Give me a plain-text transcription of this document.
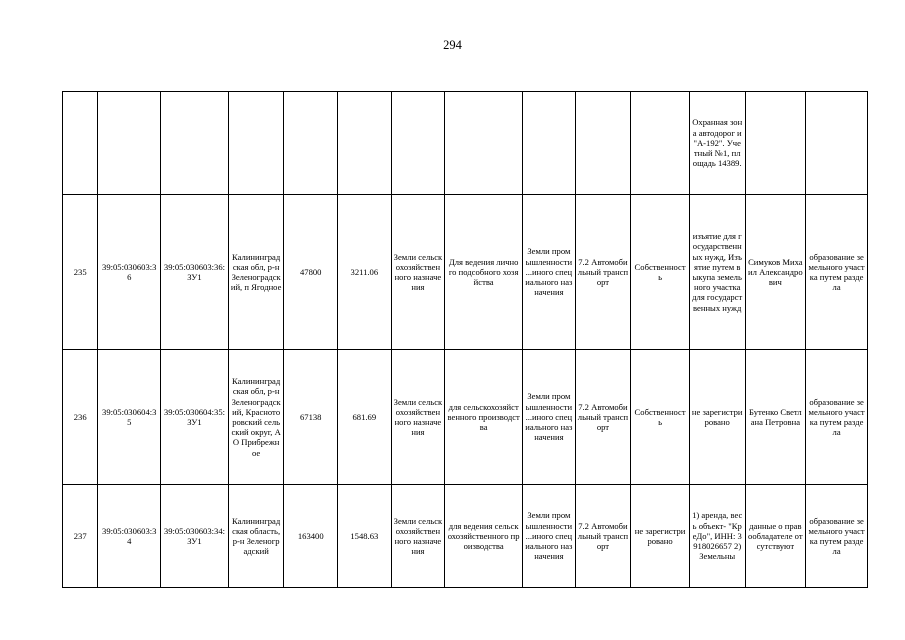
294
											Охранная зона автодорог и "А-192". Учетный №1, площадь 14389.		
235	39:05:030603:36	39:05:030603:36:ЗУ1	Калининградская обл, р-н Зеленоградский, п Ягодное	47800	3211.06	Земли сельскохозяйственного назначения	Для ведения личного подсобного хозяйства	Земли промышленности ...иного специального назначения	7.2 Автомобильный транспорт	Собственность	изъятие для государственных нужд, Изъятие путем выкупа земельного участка для государственных нужд	Симуков Михаил Александрович	образование земельного участка путем раздела
236	39:05:030604:35	39:05:030604:35:ЗУ1	Калининградская обл, р-н Зеленоградский, Краснотoровский сельский округ, АО Прибрежное	67138	681.69	Земли сельскохозяйственного назначения	для сельскохозяйственного производства	Земли промышленности ...иного специального назначения	7.2 Автомобильный транспорт	Собственность	не зарегистрировано	Бутенко Светлана Петровна	образование земельного участка путем раздела
237	39:05:030603:34	39:05:030603:34:ЗУ1	Калининградская область, р-н Зеленоградский	163400	1548.63	Земли сельскохозяйственного назначения	для ведения сельскохозяйственного производства	Земли промышленности ...иного специального назначения	7.2 Автомобильный транспорт	не зарегистрировано	1) аренда, весь объект- "КреДо", ИНН: 3918026657 2) Земельны	данные о правообладателе отсутствуют	образование земельного участка путем раздела
